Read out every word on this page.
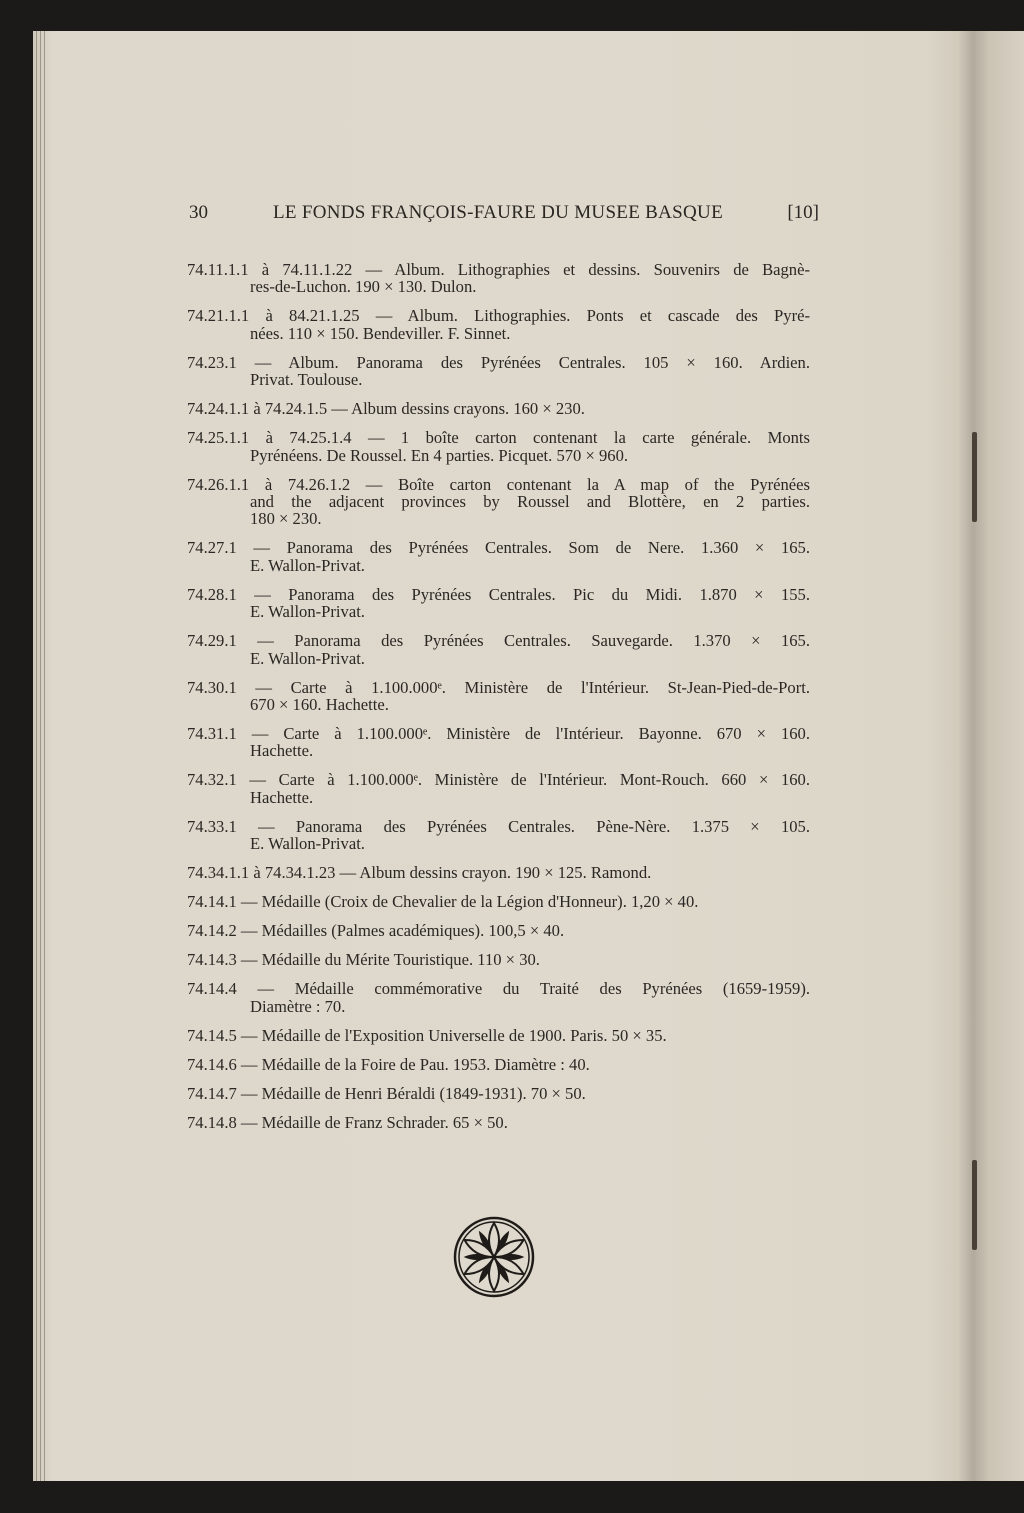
30	LE FONDS FRANÇOIS-FAURE DU MUSEE BASQUE	[10]
74.11.1.1 à 74.11.1.22 — Album. Lithographies et dessins. Souvenirs de Bagnè-
res-de-Luchon. 190 × 130. Dulon.
74.21.1.1 à 84.21.1.25 — Album. Lithographies. Ponts et cascade des Pyré-
nées. 110 × 150. Bendeviller. F. Sinnet.
74.23.1 — Album. Panorama des Pyrénées Centrales. 105 × 160. Ardien.
Privat. Toulouse.
74.24.1.1 à 74.24.1.5 — Album dessins crayons. 160 × 230.
74.25.1.1 à 74.25.1.4 — 1 boîte carton contenant la carte générale. Monts
Pyrénéens. De Roussel. En 4 parties. Picquet. 570 × 960.
74.26.1.1 à 74.26.1.2 — Boîte carton contenant la A map of the Pyrénées
and the adjacent provinces by Roussel and Blottère, en 2 parties.
180 × 230.
74.27.1 — Panorama des Pyrénées Centrales. Som de Nere. 1.360 × 165.
E. Wallon-Privat.
74.28.1 — Panorama des Pyrénées Centrales. Pic du Midi. 1.870 × 155.
E. Wallon-Privat.
74.29.1 — Panorama des Pyrénées Centrales. Sauvegarde. 1.370 × 165.
E. Wallon-Privat.
74.30.1 — Carte à 1.100.000ᵉ. Ministère de l'Intérieur. St-Jean-Pied-de-Port.
670 × 160. Hachette.
74.31.1 — Carte à 1.100.000ᵉ. Ministère de l'Intérieur. Bayonne. 670 × 160.
Hachette.
74.32.1 — Carte à 1.100.000ᵉ. Ministère de l'Intérieur. Mont-Rouch. 660 × 160.
Hachette.
74.33.1 — Panorama des Pyrénées Centrales. Pène-Nère. 1.375 × 105.
E. Wallon-Privat.
74.34.1.1 à 74.34.1.23 — Album dessins crayon. 190 × 125. Ramond.
74.14.1 — Médaille (Croix de Chevalier de la Légion d'Honneur). 1,20 × 40.
74.14.2 — Médailles (Palmes académiques). 100,5 × 40.
74.14.3 — Médaille du Mérite Touristique. 110 × 30.
74.14.4 — Médaille commémorative du Traité des Pyrénées (1659-1959).
Diamètre : 70.
74.14.5 — Médaille de l'Exposition Universelle de 1900. Paris. 50 × 35.
74.14.6 — Médaille de la Foire de Pau. 1953. Diamètre : 40.
74.14.7 — Médaille de Henri Béraldi (1849-1931). 70 × 50.
74.14.8 — Médaille de Franz Schrader. 65 × 50.
